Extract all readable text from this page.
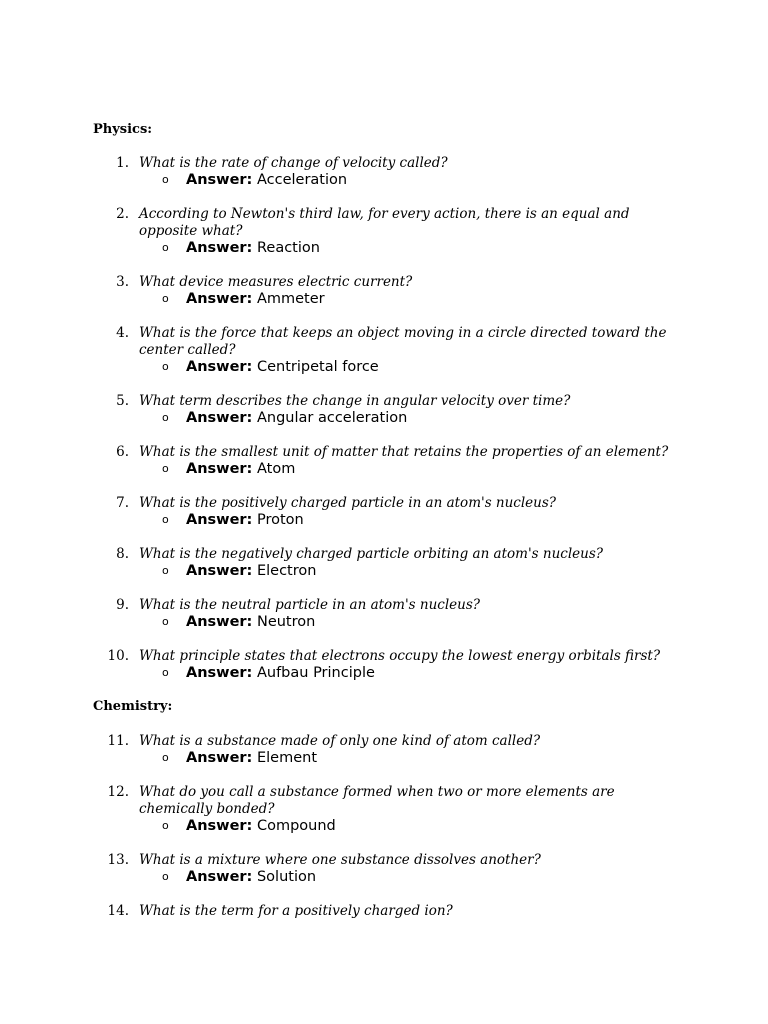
Physics:
1. What is the rate of change of velocity called?
o Answer: Acceleration
2. According to Newton's third law, for every action, there is an equal and opposite what?
o Answer: Reaction
3. What device measures electric current?
o Answer: Ammeter
4. What is the force that keeps an object moving in a circle directed toward the center called?
o Answer: Centripetal force
5. What term describes the change in angular velocity over time?
o Answer: Angular acceleration
6. What is the smallest unit of matter that retains the properties of an element?
o Answer: Atom
7. What is the positively charged particle in an atom's nucleus?
o Answer: Proton
8. What is the negatively charged particle orbiting an atom's nucleus?
o Answer: Electron
9. What is the neutral particle in an atom's nucleus?
o Answer: Neutron
10. What principle states that electrons occupy the lowest energy orbitals first?
o Answer: Aufbau Principle
Chemistry:
11. What is a substance made of only one kind of atom called?
o Answer: Element
12. What do you call a substance formed when two or more elements are chemically bonded?
o Answer: Compound
13. What is a mixture where one substance dissolves another?
o Answer: Solution
14. What is the term for a positively charged ion?
